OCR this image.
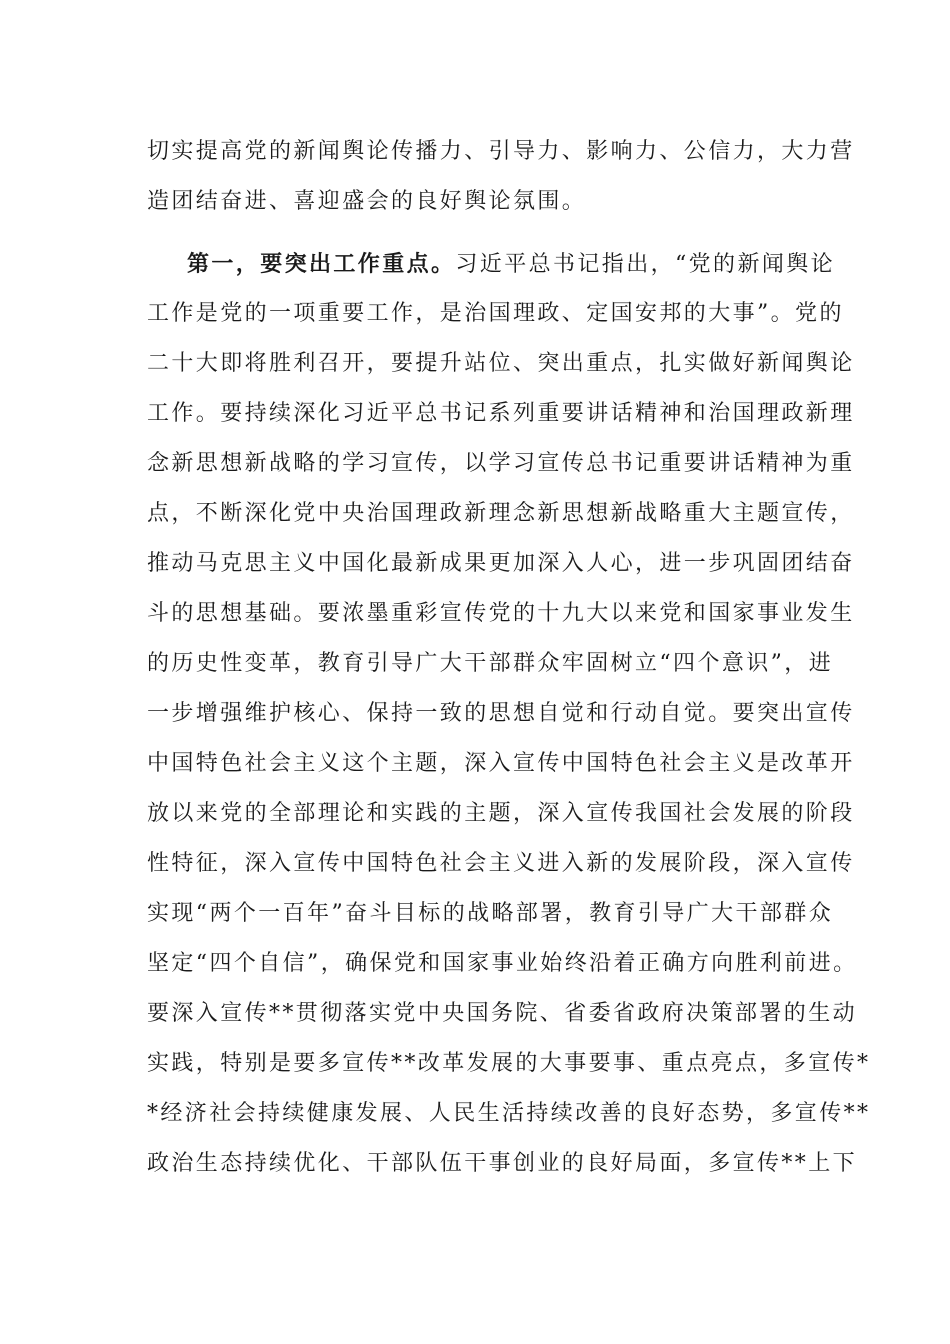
切实提高党的新闻舆论传播力、引导力、影响力、公信力，大力营
造团结奋进、喜迎盛会的良好舆论氛围。
第一，要突出工作重点。习近平总书记指出，“党的新闻舆论
工作是党的一项重要工作，是治国理政、定国安邦的大事”。党的
二十大即将胜利召开，要提升站位、突出重点，扎实做好新闻舆论
工作。要持续深化习近平总书记系列重要讲话精神和治国理政新理
念新思想新战略的学习宣传，以学习宣传总书记重要讲话精神为重
点，不断深化党中央治国理政新理念新思想新战略重大主题宣传，
推动马克思主义中国化最新成果更加深入人心，进一步巩固团结奋
斗的思想基础。要浓墨重彩宣传党的十九大以来党和国家事业发生
的历史性变革，教育引导广大干部群众牢固树立“四个意识”，进
一步增强维护核心、保持一致的思想自觉和行动自觉。要突出宣传
中国特色社会主义这个主题，深入宣传中国特色社会主义是改革开
放以来党的全部理论和实践的主题，深入宣传我国社会发展的阶段
性特征，深入宣传中国特色社会主义进入新的发展阶段，深入宣传
实现“两个一百年”奋斗目标的战略部署，教育引导广大干部群众
坚定“四个自信”，确保党和国家事业始终沿着正确方向胜利前进。
要深入宣传**贯彻落实党中央国务院、省委省政府决策部署的生动
实践，特别是要多宣传**改革发展的大事要事、重点亮点，多宣传*
*经济社会持续健康发展、人民生活持续改善的良好态势，多宣传**
政治生态持续优化、干部队伍干事创业的良好局面，多宣传**上下
